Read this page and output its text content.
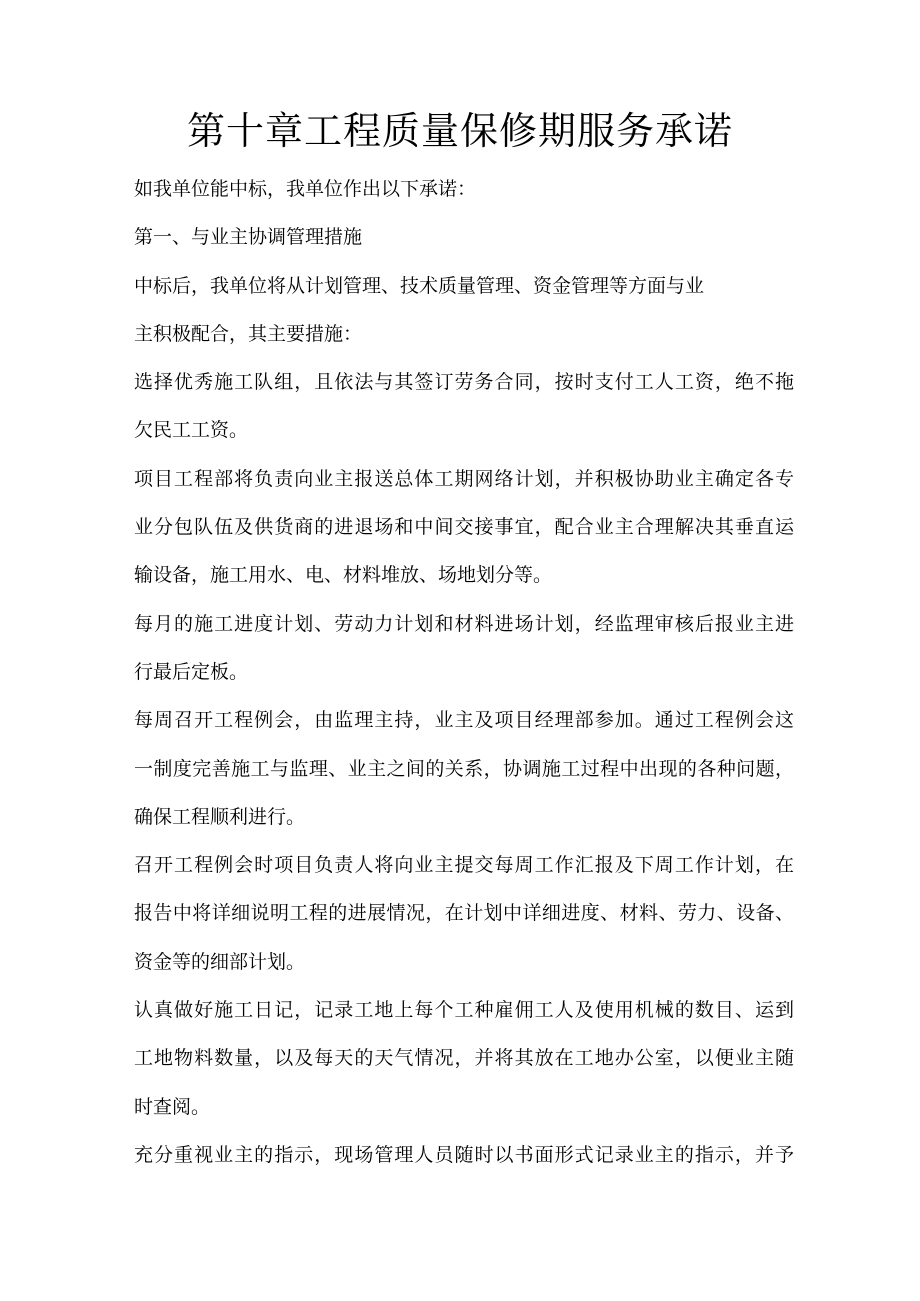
第十章工程质量保修期服务承诺
如我单位能中标，我单位作出以下承诺：
第一、与业主协调管理措施
中标后，我单位将从计划管理、技术质量管理、资金管理等方面与业
主积极配合，其主要措施：
选择优秀施工队组，且依法与其签订劳务合同，按时支付工人工资，绝不拖
欠民工工资。
项目工程部将负责向业主报送总体工期网络计划，并积极协助业主确定各专
业分包队伍及供货商的进退场和中间交接事宜，配合业主合理解决其垂直运
输设备，施工用水、电、材料堆放、场地划分等。
每月的施工进度计划、劳动力计划和材料进场计划，经监理审核后报业主进
行最后定板。
每周召开工程例会，由监理主持，业主及项目经理部参加。通过工程例会这
一制度完善施工与监理、业主之间的关系，协调施工过程中出现的各种问题，
确保工程顺利进行。
召开工程例会时项目负责人将向业主提交每周工作汇报及下周工作计划，在
报告中将详细说明工程的进展情况，在计划中详细进度、材料、劳力、设备、
资金等的细部计划。
认真做好施工日记，记录工地上每个工种雇佣工人及使用机械的数目、运到
工地物料数量，以及每天的天气情况，并将其放在工地办公室，以便业主随
时查阅。
充分重视业主的指示，现场管理人员随时以书面形式记录业主的指示，并予
